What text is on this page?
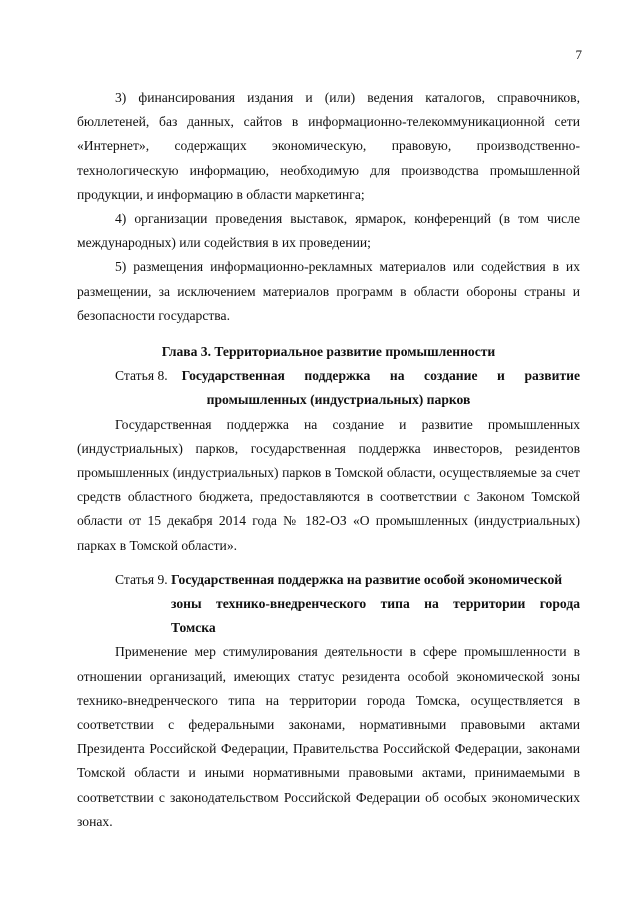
7

3) финансирования издания и (или) ведения каталогов, справочников, бюллетеней, баз данных, сайтов в информационно-телекоммуникационной сети «Интернет», содержащих экономическую, правовую, производственно-технологическую информацию, необходимую для производства промышленной продукции, и информацию в области маркетинга;

4) организации проведения выставок, ярмарок, конференций (в том числе международных) или содействия в их проведении;

5) размещения информационно-рекламных материалов или содействия в их размещении, за исключением материалов программ в области обороны страны и безопасности государства.

Глава 3. Территориальное развитие промышленности
Статья 8.	Государственная поддержка на создание и развитие
промышленных (индустриальных) парков

Государственная поддержка на создание и развитие промышленных (индустриальных) парков, государственная поддержка инвесторов, резидентов промышленных (индустриальных) парков в Томской области, осуществляемые за счет средств областного бюджета, предоставляются в соответствии с Законом Томской области от 15 декабря 2014 года № 182-ОЗ «О промышленных (индустриальных) парках в Томской области».

Статья 9. Государственная поддержка на развитие особой экономической
зоны технико-внедренческого типа на территории города
Томска

Применение мер стимулирования деятельности в сфере промышленности в отношении организаций, имеющих статус резидента особой экономической зоны технико-внедренческого типа на территории города Томска, осуществляется в соответствии с федеральными законами, нормативными правовыми актами Президента Российской Федерации, Правительства Российской Федерации, законами Томской области и иными нормативными правовыми актами, принимаемыми в соответствии с законодательством Российской Федерации об особых экономических зонах.
